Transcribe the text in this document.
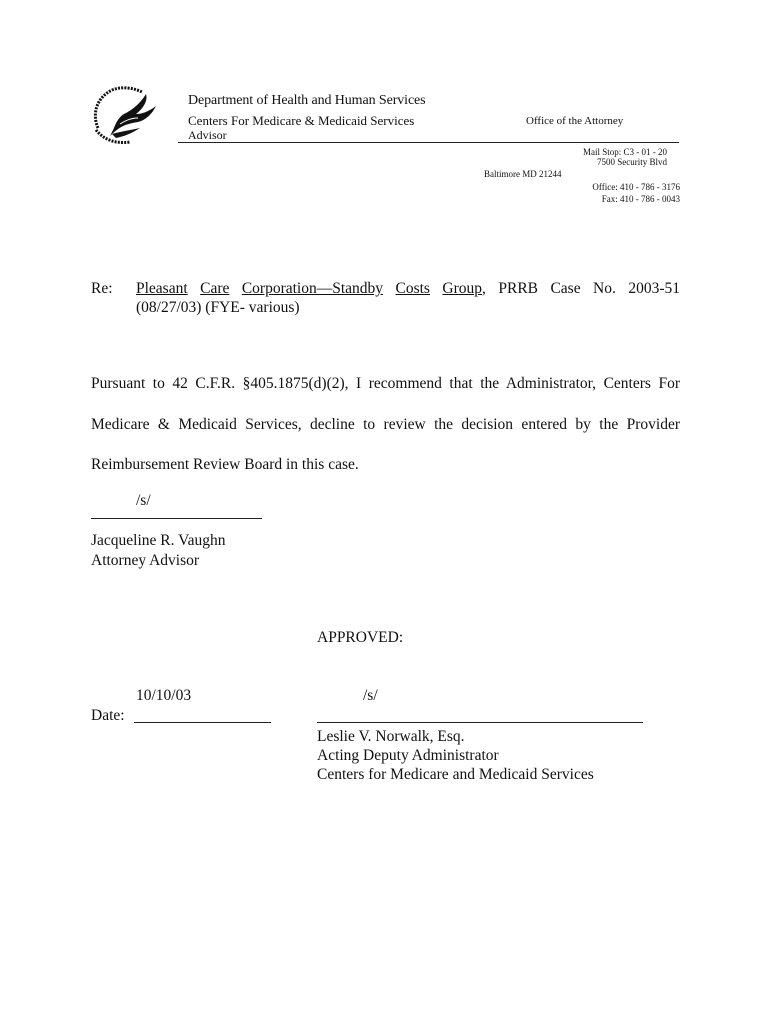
Department of Health and Human Services
Centers For Medicare & Medicaid Services
Advisor
Office of the Attorney
Mail Stop: C3 - 01 - 20
7500 Security Blvd
Baltimore MD 21244
Office: 410 - 786 - 3176
Fax: 410 - 786 - 0043
Re: Pleasant Care Corporation—Standby Costs Group, PRRB Case No. 2003-51
(08/27/03) (FYE- various)
Pursuant to 42 C.F.R. §405.1875(d)(2), I recommend that the Administrator, Centers For
Medicare & Medicaid Services, decline to review the decision entered by the Provider
Reimbursement Review Board in this case.
/s/
Jacqueline R. Vaughn
Attorney Advisor
APPROVED:
10/10/03	/s/
Date:
Leslie V. Norwalk, Esq.
Acting Deputy Administrator
Centers for Medicare and Medicaid Services
